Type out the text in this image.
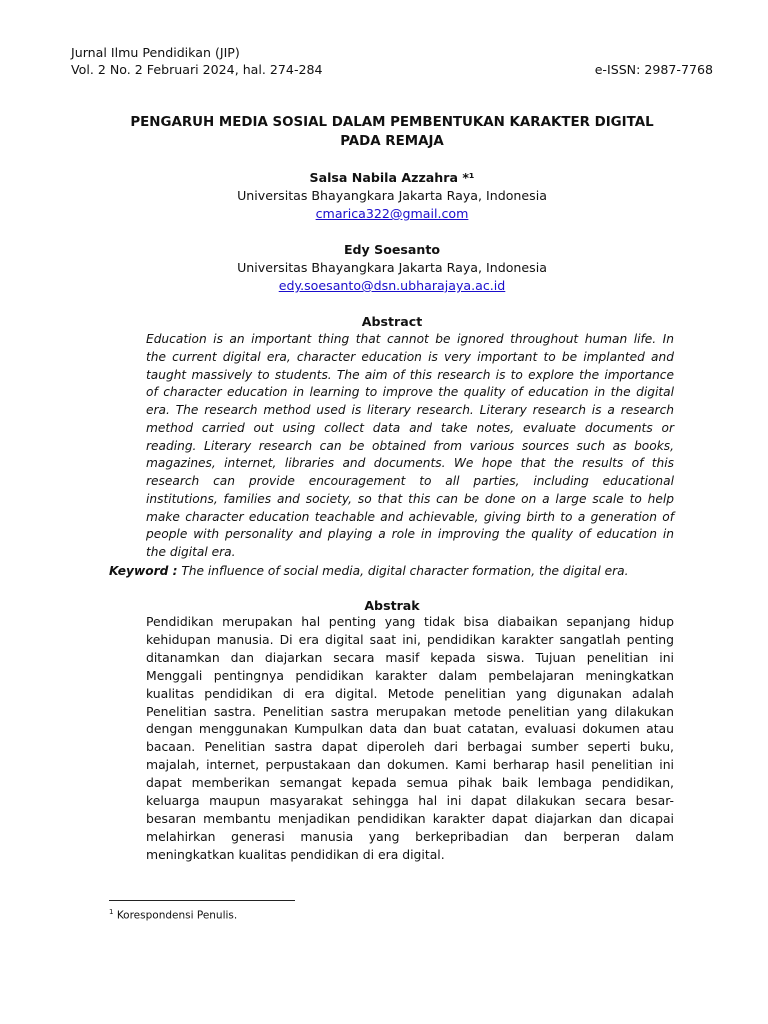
Jurnal Ilmu Pendidikan (JIP)
Vol. 2 No. 2 Februari 2024, hal. 274-284	e-ISSN: 2987-7768
PENGARUH MEDIA SOSIAL DALAM PEMBENTUKAN KARAKTER DIGITAL
PADA REMAJA
Salsa Nabila Azzahra *¹
Universitas Bhayangkara Jakarta Raya, Indonesia
cmarica322@gmail.com
Edy Soesanto
Universitas Bhayangkara Jakarta Raya, Indonesia
edy.soesanto@dsn.ubharajaya.ac.id
Abstract
Education is an important thing that cannot be ignored throughout human life. In
the current digital era, character education is very important to be implanted and
taught massively to students. The aim of this research is to explore the importance
of character education in learning to improve the quality of education in the digital
era. The research method used is literary research. Literary research is a research
method carried out using collect data and take notes, evaluate documents or
reading. Literary research can be obtained from various sources such as books,
magazines, internet, libraries and documents. We hope that the results of this
research can provide encouragement to all parties, including educational
institutions, families and society, so that this can be done on a large scale to help
make character education teachable and achievable, giving birth to a generation of
people with personality and playing a role in improving the quality of education in
the digital era.
Keyword : The influence of social media, digital character formation, the digital era.
Abstrak
Pendidikan merupakan hal penting yang tidak bisa diabaikan sepanjang hidup
kehidupan manusia. Di era digital saat ini, pendidikan karakter sangatlah penting
ditanamkan dan diajarkan secara masif kepada siswa. Tujuan penelitian ini
Menggali pentingnya pendidikan karakter dalam pembelajaran meningkatkan
kualitas pendidikan di era digital. Metode penelitian yang digunakan adalah
Penelitian sastra. Penelitian sastra merupakan metode penelitian yang dilakukan
dengan menggunakan Kumpulkan data dan buat catatan, evaluasi dokumen atau
bacaan. Penelitian sastra dapat diperoleh dari berbagai sumber seperti buku,
majalah, internet, perpustakaan dan dokumen. Kami berharap hasil penelitian ini
dapat memberikan semangat kepada semua pihak baik lembaga pendidikan,
keluarga maupun masyarakat sehingga hal ini dapat dilakukan secara besar-
besaran membantu menjadikan pendidikan karakter dapat diajarkan dan dicapai
melahirkan generasi manusia yang berkepribadian dan berperan dalam
meningkatkan kualitas pendidikan di era digital.
$^1$ Korespondensi Penulis.
